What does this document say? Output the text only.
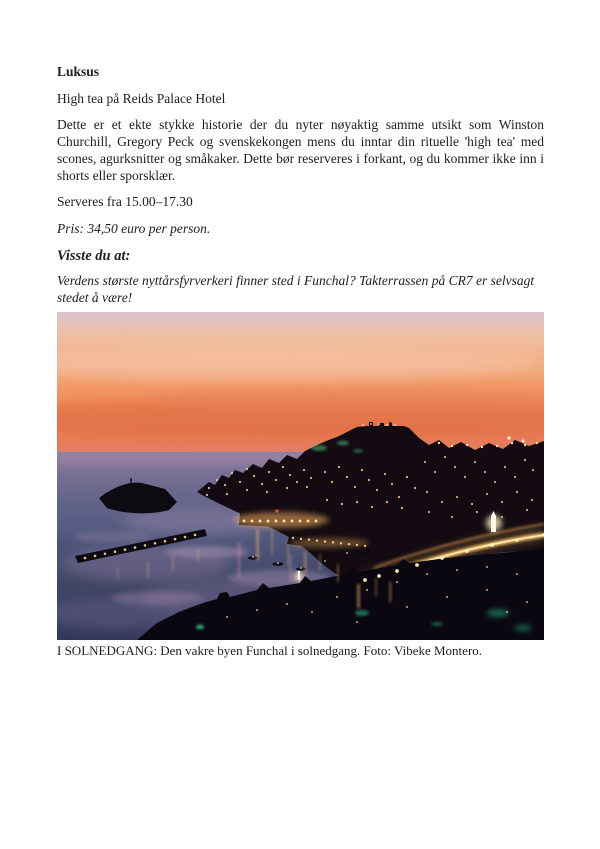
Luksus
High tea på Reids Palace Hotel

Dette er et ekte stykke historie der du nyter nøyaktig samme utsikt som Winston Churchill, Gregory Peck og svenskekongen mens du inntar din rituelle 'high tea' med scones, agurksnitter og småkaker. Dette bør reserveres i forkant, og du kommer ikke inn i shorts eller sporsklær.

Serveres fra 15.00–17.30
Pris: 34,50 euro per person.
Visste du at:
Verdens største nyttårsfyrverkeri finner sted i Funchal? Takterrassen på CR7 er selvsagt stedet å være!
I SOLNEDGANG: Den vakre byen Funchal i solnedgang. Foto: Vibeke Montero.
